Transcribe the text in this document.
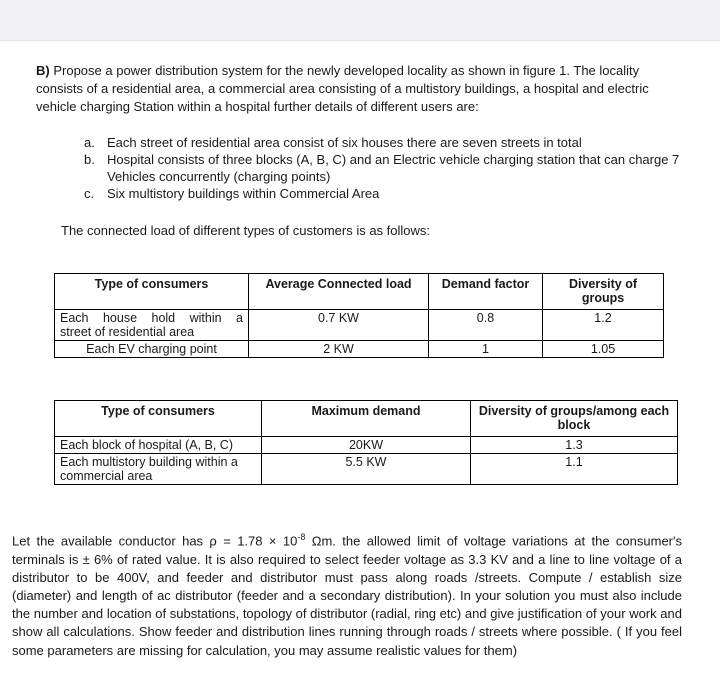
B) Propose a power distribution system for the newly developed locality as shown in figure 1. The locality consists of a residential area, a commercial area consisting of a multistory buildings, a hospital and electric vehicle charging Station within a hospital further details of different users are:
a. Each street of residential area consist of six houses there are seven streets in total
b. Hospital consists of three blocks (A, B, C) and an Electric vehicle charging station that can charge 7 Vehicles concurrently (charging points)
c. Six multistory buildings within Commercial Area
The connected load of different types of customers is as follows:
Type of consumers	Average Connected load	Demand factor	Diversity of groups

Each house hold within a
street of residential area	0.7 KW	0.8	1.2
Each EV charging point	2 KW	1	1.05
Type of consumers	Maximum demand	Diversity of groups/among each block
Each block of hospital (A, B, C)	20KW	1.3

Each multistory building within a
commercial area	5.5 KW	1.1
Let the available conductor has $\rho = 1.78 \times 10^{-8}$ Ωm. the allowed limit of voltage variations at the consumer's terminals is ± 6% of rated value. It is also required to select feeder voltage as 3.3 KV and a line to line voltage of a distributor to be 400V, and feeder and distributor must pass along roads /streets. Compute / establish size (diameter) and length of ac distributor (feeder and a secondary distribution). In your solution you must also include the number and location of substations, topology of distributor (radial, ring etc) and give justification of your work and show all calculations. Show feeder and distribution lines running through roads / streets where possible. ( If you feel some parameters are missing for calculation, you may assume realistic values for them)
